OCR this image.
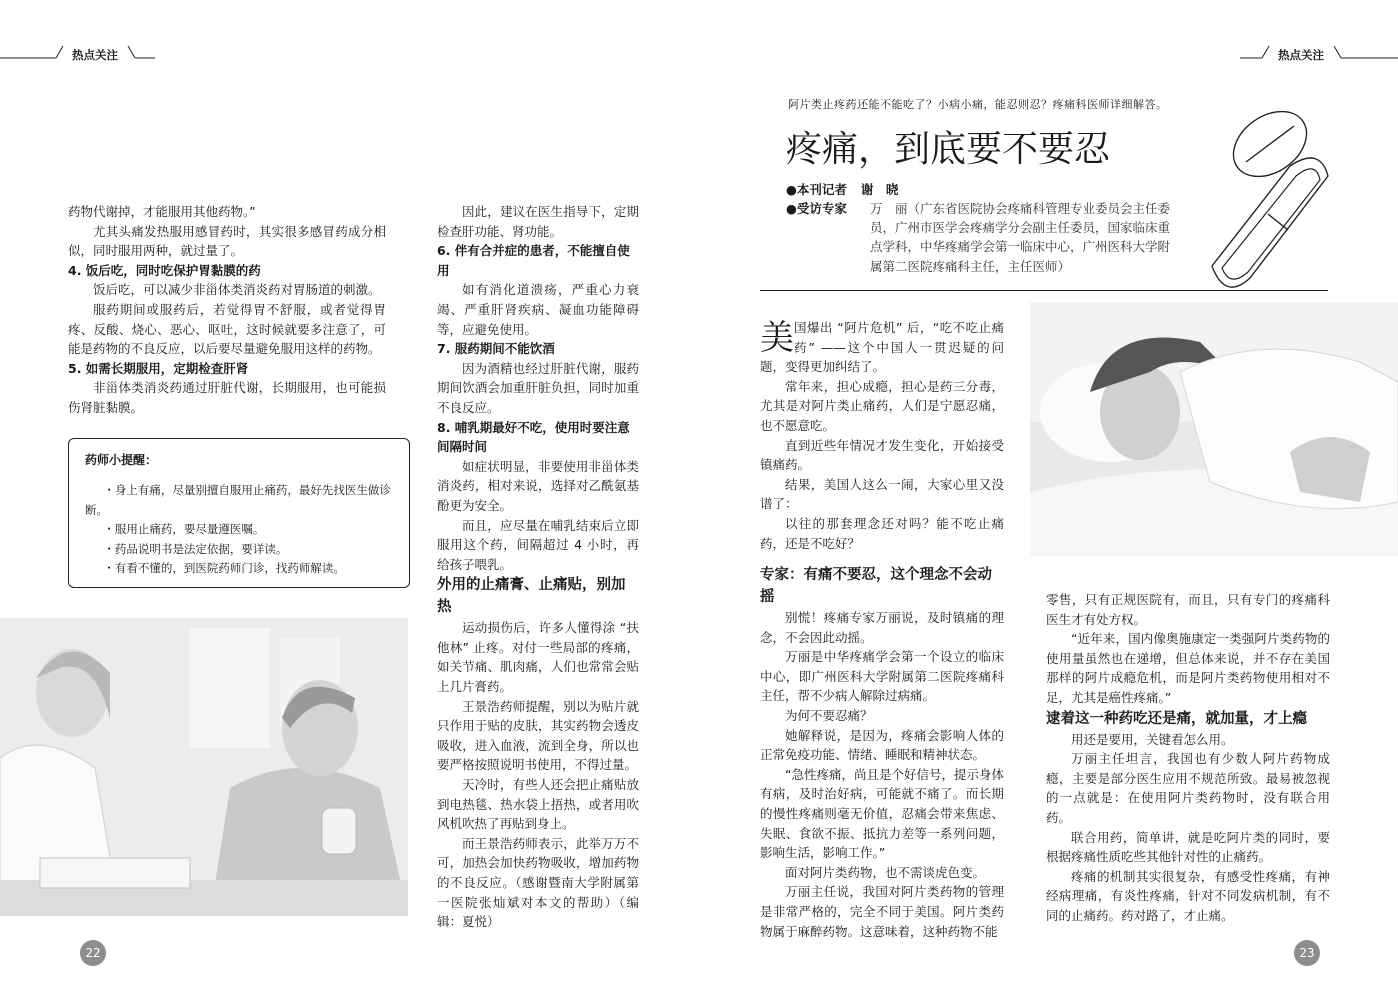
热点关注	热点关注

药物代谢掉，才能服用其他药物。”

尤其头痛发热服用感冒药时，其实很多感冒药成分相似，同时服用两种，就过量了。

4. 饭后吃，同时吃保护胃黏膜的药

饭后吃，可以减少非甾体类消炎药对胃肠道的刺激。

服药期间或服药后，若觉得胃不舒服，或者觉得胃疼、反酸、烧心、恶心、呕吐，这时候就要多注意了，可能是药物的不良反应，以后要尽量避免服用这样的药物。

5. 如需长期服用，定期检查肝肾

非甾体类消炎药通过肝脏代谢，长期服用，也可能损伤肾脏黏膜。

药师小提醒：
・身上有痛，尽量别擅自服用止痛药，最好先找医生做诊断。
・服用止痛药，要尽量遵医嘱。
・药品说明书是法定依据，要详读。
・有看不懂的，到医院药师门诊，找药师解读。

因此，建议在医生指导下，定期检查肝功能、肾功能。

6. 伴有合并症的患者，不能擅自使用

如有消化道溃疡，严重心力衰竭、严重肝肾疾病、凝血功能障碍等，应避免使用。

7. 服药期间不能饮酒

因为酒精也经过肝脏代谢，服药期间饮酒会加重肝脏负担，同时加重不良反应。

8. 哺乳期最好不吃，使用时要注意间隔时间

如症状明显，非要使用非甾体类消炎药，相对来说，选择对乙酰氨基酚更为安全。

而且，应尽量在哺乳结束后立即服用这个药，间隔超过 4 小时，再给孩子喂乳。

外用的止痛膏、止痛贴，别加热

运动损伤后，许多人懂得涂 “扶他林” 止疼。对付一些局部的疼痛，如关节痛、肌肉痛，人们也常常会贴上几片膏药。

王景浩药师提醒，别以为贴片就只作用于贴的皮肤，其实药物会透皮吸收，进入血液，流到全身，所以也要严格按照说明书使用，不得过量。

天冷时，有些人还会把止痛贴放到电热毯、热水袋上捂热，或者用吹风机吹热了再贴到身上。

而王景浩药师表示，此举万万不可，加热会加快药物吸收，增加药物的不良反应。（感谢暨南大学附属第一医院张灿斌对本文的帮助）（编辑：夏悦）

22
阿片类止疼药还能不能吃了？小病小痛，能忍则忍？疼痛科医师详细解答。
疼痛，到底要不要忍
●本刊记者 谢　晓
●受访专家 万　丽（广东省医院协会疼痛科管理专业委员会主任委员，广州市医学会疼痛学分会副主任委员，国家临床重点学科，中华疼痛学会第一临床中心，广州医科大学附属第二医院疼痛科主任，主任医师）
美 国爆出 “阿片危机” 后，“吃不吃止痛药” ——这个中国人一贯迟疑的问题，变得更加纠结了。

常年来，担心成瘾，担心是药三分毒，尤其是对阿片类止痛药，人们是宁愿忍痛，也不愿意吃。

直到近些年情况才发生变化，开始接受镇痛药。

结果，美国人这么一闹，大家心里又没谱了：

以往的那套理念还对吗？能不吃止痛药，还是不吃好？

专家：有痛不要忍，这个理念不会动摇

别慌！疼痛专家万丽说，及时镇痛的理念，不会因此动摇。

万丽是中华疼痛学会第一个设立的临床中心，即广州医科大学附属第二医院疼痛科主任，帮不少病人解除过病痛。

为何不要忍痛？

她解释说，是因为，疼痛会影响人体的正常免疫功能、情绪、睡眠和精神状态。

“急性疼痛，尚且是个好信号，提示身体有病，及时治好病，可能就不痛了。而长期的慢性疼痛则毫无价值，忍痛会带来焦虑、失眠、食欲不振、抵抗力差等一系列问题，影响生活，影响工作。”

面对阿片类药物，也不需谈虎色变。

万丽主任说，我国对阿片类药物的管理是非常严格的，完全不同于美国。阿片类药物属于麻醉药物。这意味着，这种药物不能

零售，只有正规医院有，而且，只有专门的疼痛科医生才有处方权。

“近年来，国内像奥施康定一类强阿片类药物的使用量虽然也在递增，但总体来说，并不存在美国那样的阿片成瘾危机，而是阿片类药物使用相对不足，尤其是癌性疼痛。”

逮着这一种药吃还是痛，就加量，才上瘾

用还是要用，关键看怎么用。

万丽主任坦言，我国也有少数人阿片药物成瘾，主要是部分医生应用不规范所致。最易被忽视的一点就是：在使用阿片类药物时，没有联合用药。

联合用药，简单讲，就是吃阿片类的同时，要根据疼痛性质吃些其他针对性的止痛药。

疼痛的机制其实很复杂，有感受性疼痛，有神经病理痛，有炎性疼痛，针对不同发病机制，有不同的止痛药。药对路了，才止痛。

23
